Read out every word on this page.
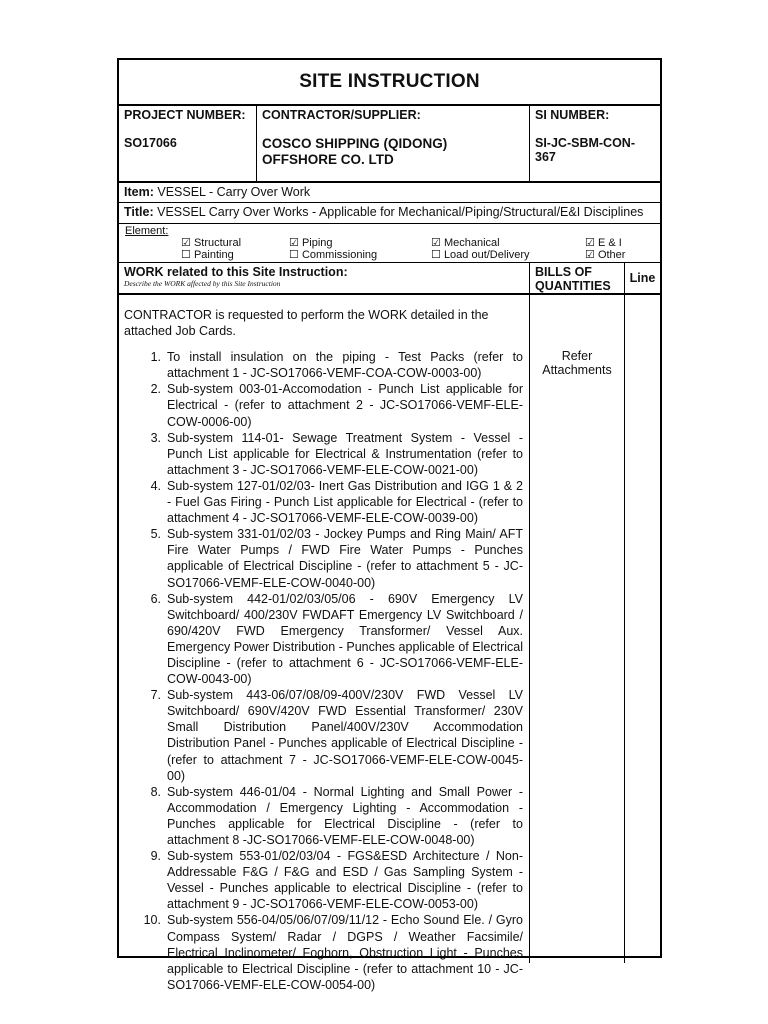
SITE INSTRUCTION
PROJECT NUMBER:
SO17066
CONTRACTOR/SUPPLIER:
COSCO SHIPPING (QIDONG) OFFSHORE CO. LTD
SI NUMBER:
SI-JC-SBM-CON-367
Item: VESSEL - Carry Over Work
Title: VESSEL Carry Over Works - Applicable for Mechanical/Piping/Structural/E&I Disciplines
Element:
☑ Structural	☑ Piping	☑ Mechanical	☑ E & I
☐ Painting	☐ Commissioning	☐ Load out/Delivery	☑ Other
WORK related to this Site Instruction:
Describe the WORK affected by this Site Instruction
BILLS OF QUANTITIES
Line

CONTRACTOR is requested to perform the WORK detailed in the attached Job Cards.

1. To install insulation on the piping - Test Packs (refer to attachment 1 - JC-SO17066-VEMF-COA-COW-0003-00)
2. Sub-system 003-01-Accomodation - Punch List applicable for Electrical - (refer to attachment 2 - JC-SO17066-VEMF-ELE-COW-0006-00)
3. Sub-system 114-01- Sewage Treatment System - Vessel - Punch List applicable for Electrical & Instrumentation (refer to attachment 3 - JC-SO17066-VEMF-ELE-COW-0021-00)
4. Sub-system 127-01/02/03- Inert Gas Distribution and IGG 1 & 2 - Fuel Gas Firing - Punch List applicable for Electrical - (refer to attachment 4 - JC-SO17066-VEMF-ELE-COW-0039-00)
5. Sub-system 331-01/02/03 - Jockey Pumps and Ring Main/ AFT Fire Water Pumps / FWD Fire Water Pumps - Punches applicable of Electrical Discipline - (refer to attachment 5 - JC-SO17066-VEMF-ELE-COW-0040-00)
6. Sub-system 442-01/02/03/05/06 - 690V Emergency LV Switchboard/ 400/230V FWDAFT Emergency LV Switchboard / 690/420V FWD Emergency Transformer/ Vessel Aux. Emergency Power Distribution - Punches applicable of Electrical Discipline - (refer to attachment 6 - JC-SO17066-VEMF-ELE-COW-0043-00)
7. Sub-system 443-06/07/08/09-400V/230V FWD Vessel LV Switchboard/ 690V/420V FWD Essential Transformer/ 230V Small Distribution Panel/400V/230V Accommodation Distribution Panel - Punches applicable of Electrical Discipline - (refer to attachment 7 - JC-SO17066-VEMF-ELE-COW-0045-00)
8. Sub-system 446-01/04 - Normal Lighting and Small Power - Accommodation / Emergency Lighting - Accommodation - Punches applicable for Electrical Discipline - (refer to attachment 8 -JC-SO17066-VEMF-ELE-COW-0048-00)
9. Sub-system 553-01/02/03/04 - FGS&ESD Architecture / Non-Addressable F&G / F&G and ESD / Gas Sampling System - Vessel - Punches applicable to electrical Discipline - (refer to attachment 9 - JC-SO17066-VEMF-ELE-COW-0053-00)
10. Sub-system 556-04/05/06/07/09/11/12 - Echo Sound Ele. / Gyro Compass System/ Radar / DGPS / Weather Facsimile/ Electrical Inclinometer/ Foghorn, Obstruction Light - Punches applicable to Electrical Discipline - (refer to attachment 10 - JC-SO17066-VEMF-ELE-COW-0054-00)
Refer Attachments
